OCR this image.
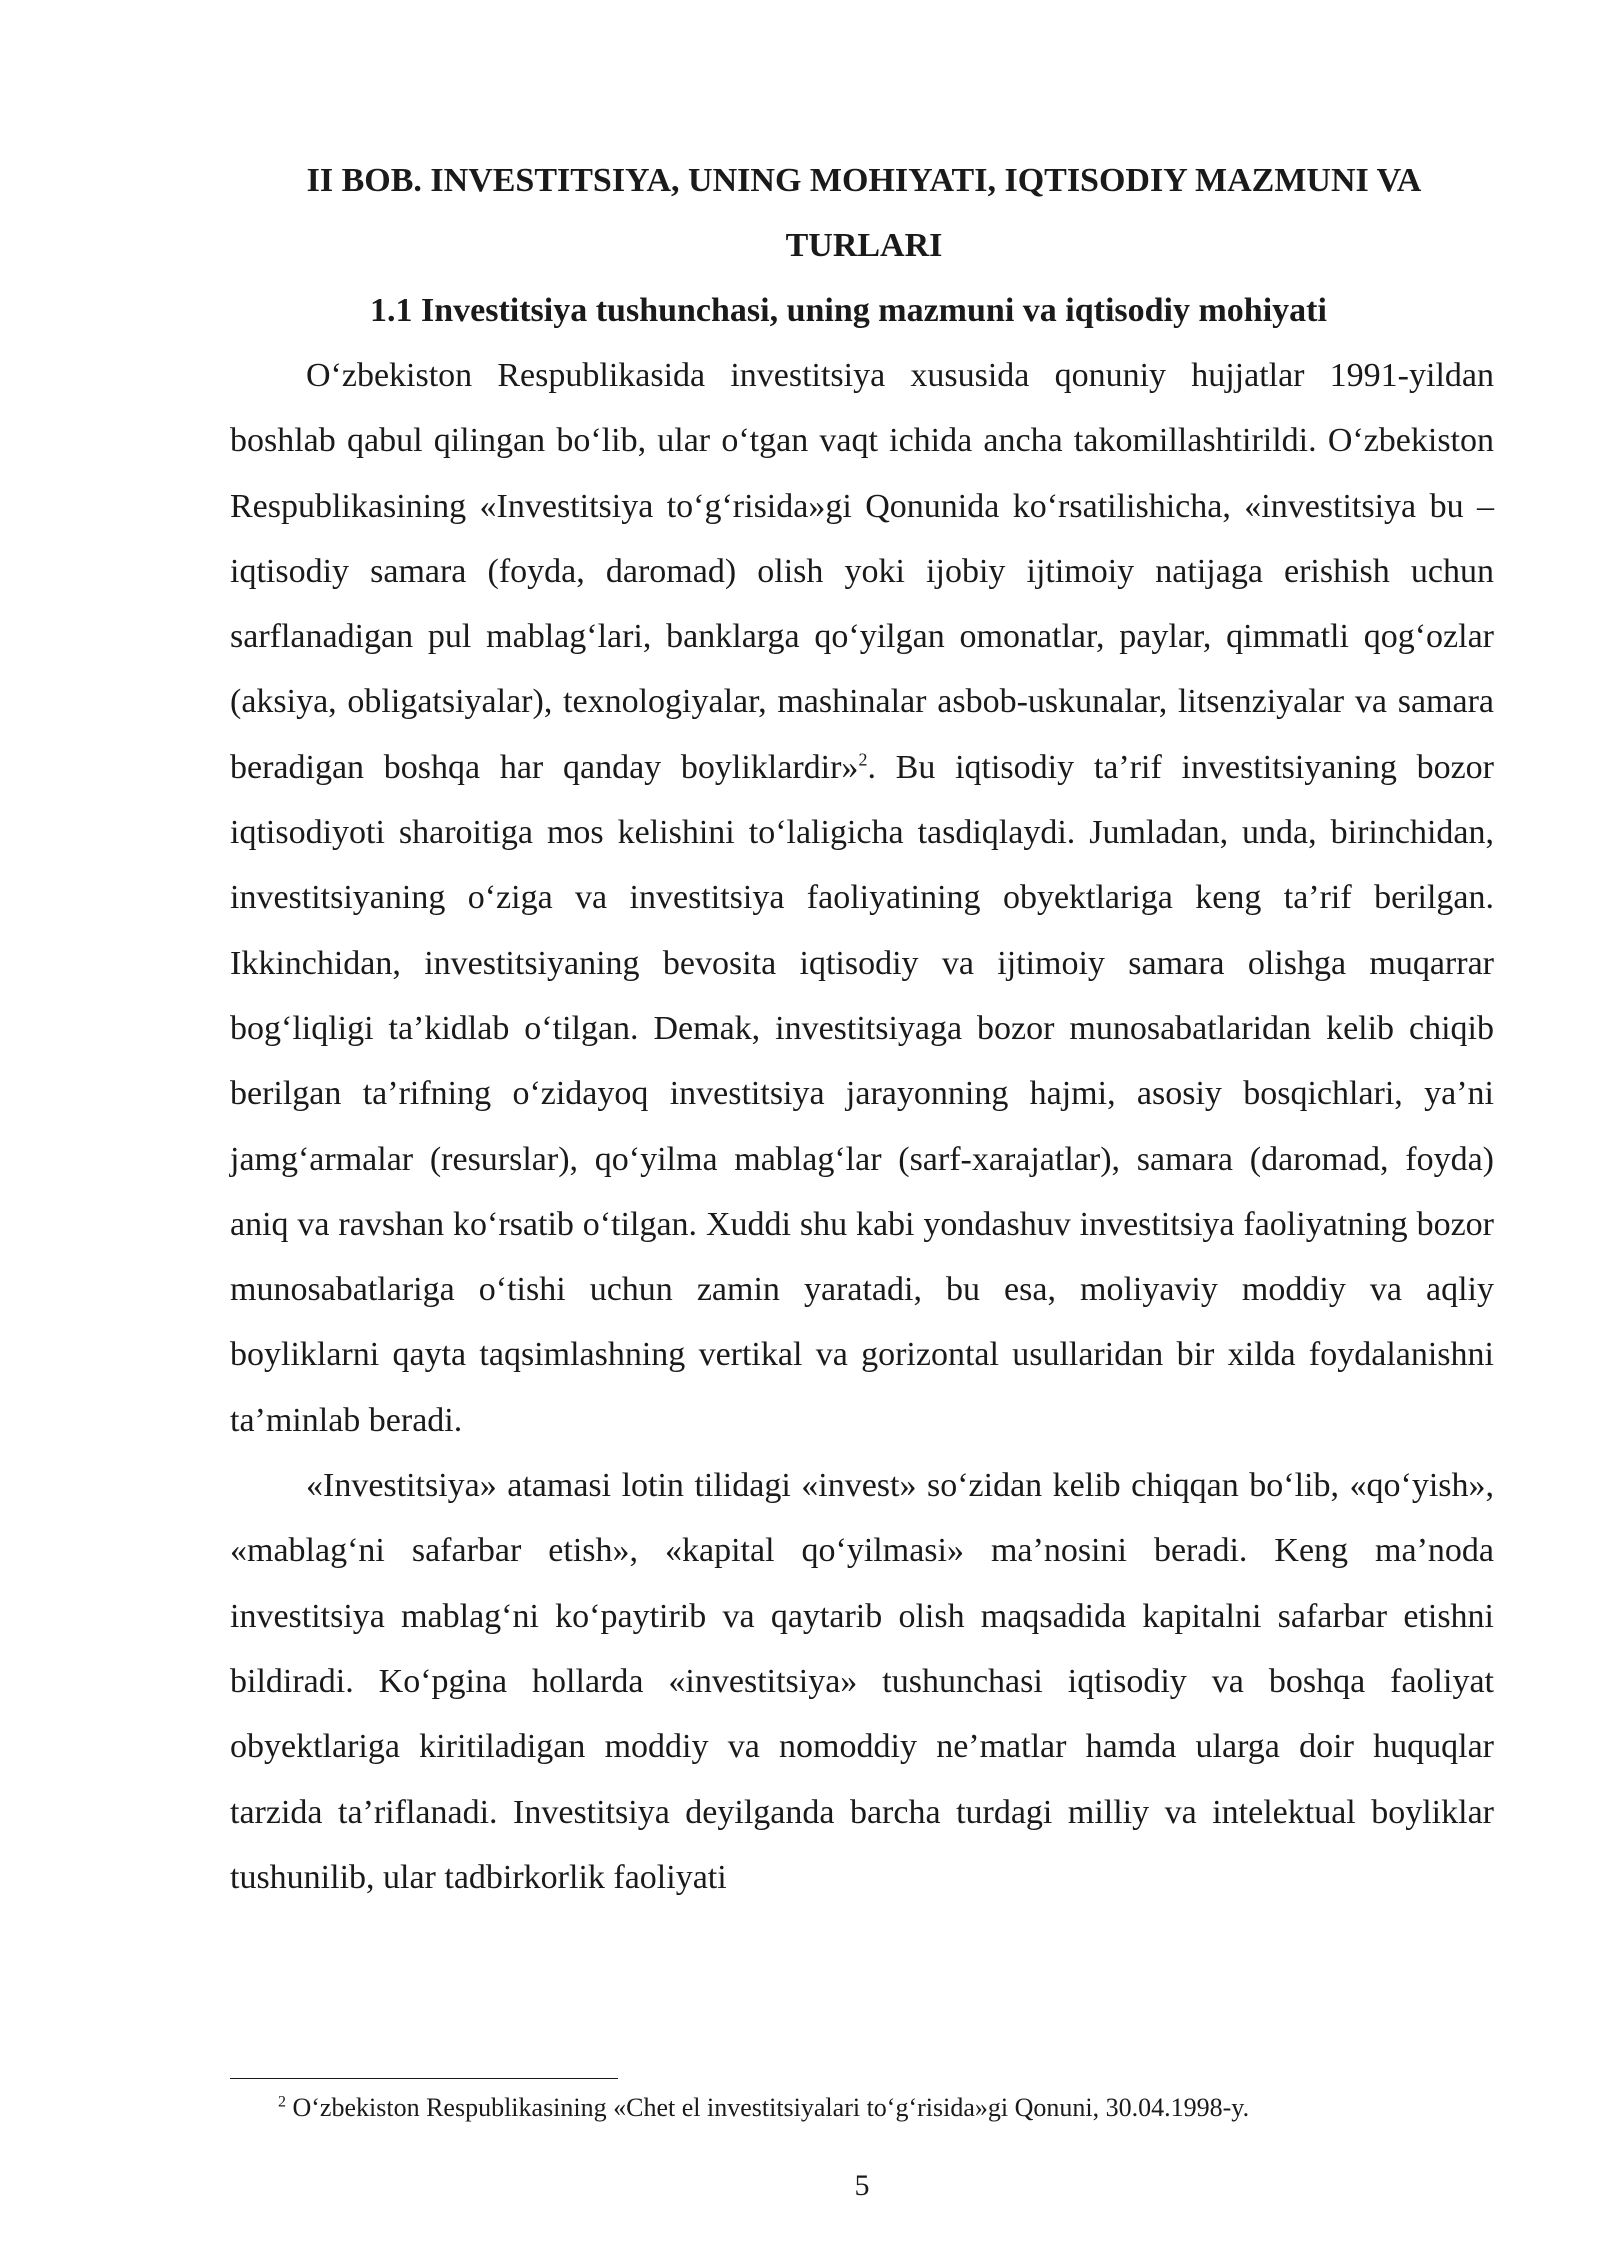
II BOB. INVESTITSIYA, UNING MOHIYATI, IQTISODIY MAZMUNI VA TURLARI
1.1 Investitsiya tushunchasi, uning mazmuni va iqtisodiy mohiyati

O‘zbekiston Respublikasida investitsiya xususida qonuniy hujjatlar 1991-yildan boshlab qabul qilingan bo‘lib, ular o‘tgan vaqt ichida ancha takomillashtirildi. O‘zbekiston Respublikasining «Investitsiya to‘g‘risida»gi Qonunida ko‘rsatilishicha, «investitsiya bu – iqtisodiy samara (foyda, daromad) olish yoki ijobiy ijtimoiy natijaga erishish uchun sarflanadigan pul mablag‘lari, banklarga qo‘yilgan omonatlar, paylar, qimmatli qog‘ozlar (aksiya, obligatsiyalar), texnologiyalar, mashinalar asbob-uskunalar, litsenziyalar va samara beradigan boshqa har qanday boyliklardir»$^2$. Bu iqtisodiy ta’rif investitsiyaning bozor iqtisodiyoti sharoitiga mos kelishini to‘laligicha tasdiqlaydi. Jumladan, unda, birinchidan, investitsiyaning o‘ziga va investitsiya faoliyatining obyektlariga keng ta’rif berilgan. Ikkinchidan, investitsiyaning bevosita iqtisodiy va ijtimoiy samara olishga muqarrar bog‘liqligi ta’kidlab o‘tilgan. Demak, investitsiyaga bozor munosabatlaridan kelib chiqib berilgan ta’rifning o‘zidayoq investitsiya jarayonning hajmi, asosiy bosqichlari, ya’ni jamg‘armalar (resurslar), qo‘yilma mablag‘lar (sarf-xarajatlar), samara (daromad, foyda) aniq va ravshan ko‘rsatib o‘tilgan. Xuddi shu kabi yondashuv investitsiya faoliyatning bozor munosabatlariga o‘tishi uchun zamin yaratadi, bu esa, moliyaviy moddiy va aqliy boyliklarni qayta taqsimlashning vertikal va gorizontal usullaridan bir xilda foydalanishni ta’minlab beradi.

«Investitsiya» atamasi lotin tilidagi «invest» so‘zidan kelib chiqqan bo‘lib, «qo‘yish», «mablag‘ni safarbar etish», «kapital qo‘yilmasi» ma’nosini beradi. Keng ma’noda investitsiya mablag‘ni ko‘paytirib va qaytarib olish maqsadida kapitalni safarbar etishni bildiradi. Ko‘pgina hollarda «investitsiya» tushunchasi iqtisodiy va boshqa faoliyat obyektlariga kiritiladigan moddiy va nomoddiy ne’matlar hamda ularga doir huquqlar tarzida ta’riflanadi. Investitsiya deyilganda barcha turdagi milliy va intelektual boyliklar tushunilib, ular tadbirkorlik faoliyati

$^2$ O‘zbekiston Respublikasining «Chet el investitsiyalari to‘g‘risida»gi Qonuni, 30.04.1998-y.
5
